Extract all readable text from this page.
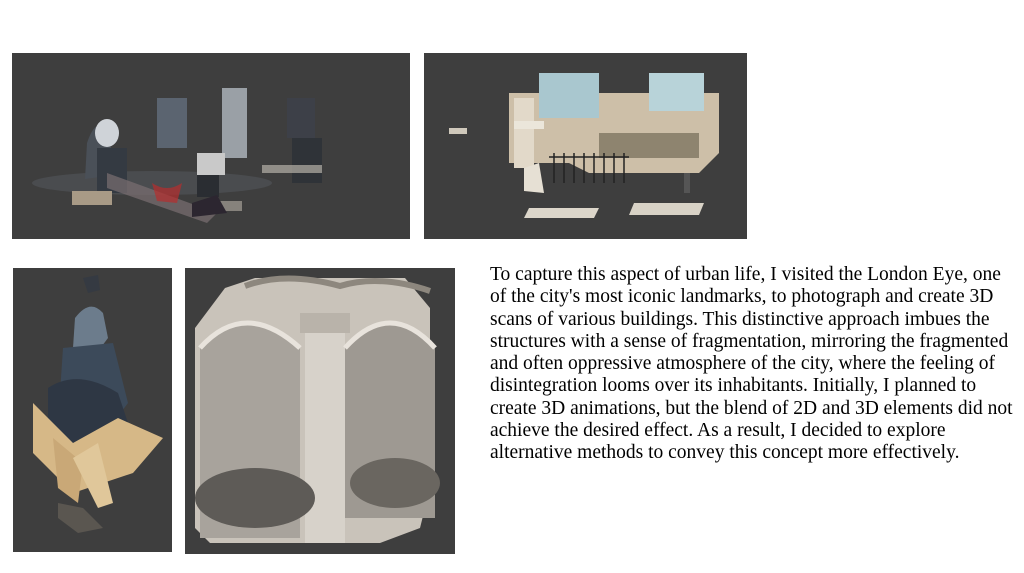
To capture this aspect of urban life, I visited the London Eye, one of the city's most iconic landmarks, to photograph and create 3D scans of various buildings. This distinctive approach imbues the structures with a sense of fragmentation, mirroring the fragmented and often oppressive atmosphere of the city, where the feeling of disintegration looms over its inhabitants. Initially, I planned to create 3D animations, but the blend of 2D and 3D elements did not achieve the desired effect. As a result, I decided to explore alternative methods to convey this concept more effectively.
